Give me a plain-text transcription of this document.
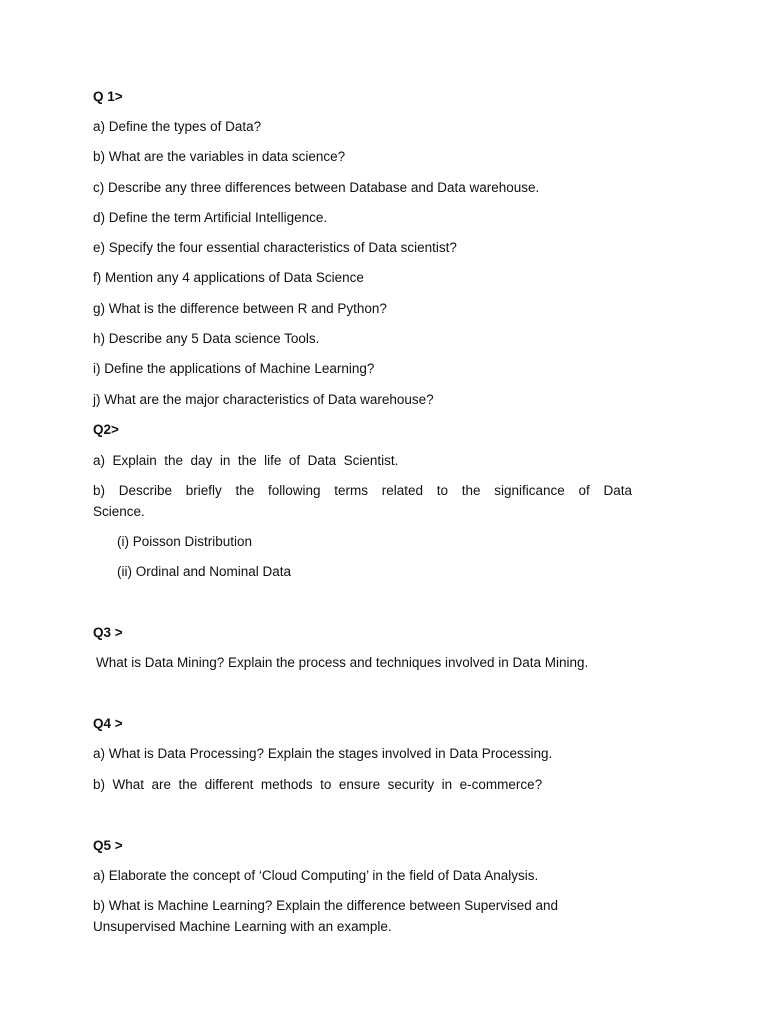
Q 1>
a) Define the types of Data?
b) What are the variables in data science?
c) Describe any three differences between Database and Data warehouse.
d) Define the term Artificial Intelligence.
e) Specify the four essential characteristics of Data scientist?
f) Mention any 4 applications of Data Science
g) What is the difference between R and Python?
h) Describe any 5 Data science Tools.
i) Define the applications of Machine Learning?
j) What are the major characteristics of Data warehouse?
Q2>
a)  Explain  the  day  in  the  life  of  Data  Scientist.
b) Describe briefly the following terms related to the significance of Data
Science.
(i) Poisson Distribution
(ii) Ordinal and Nominal Data
Q3 >
What is Data Mining? Explain the process and techniques involved in Data Mining.
Q4 >
a) What is Data Processing? Explain the stages involved in Data Processing.
b)  What  are  the  different  methods  to  ensure  security  in  e-commerce?
Q5 >
a) Elaborate the concept of ‘Cloud Computing’ in the field of Data Analysis.
b) What is Machine Learning? Explain the difference between Supervised and
Unsupervised Machine Learning with an example.
